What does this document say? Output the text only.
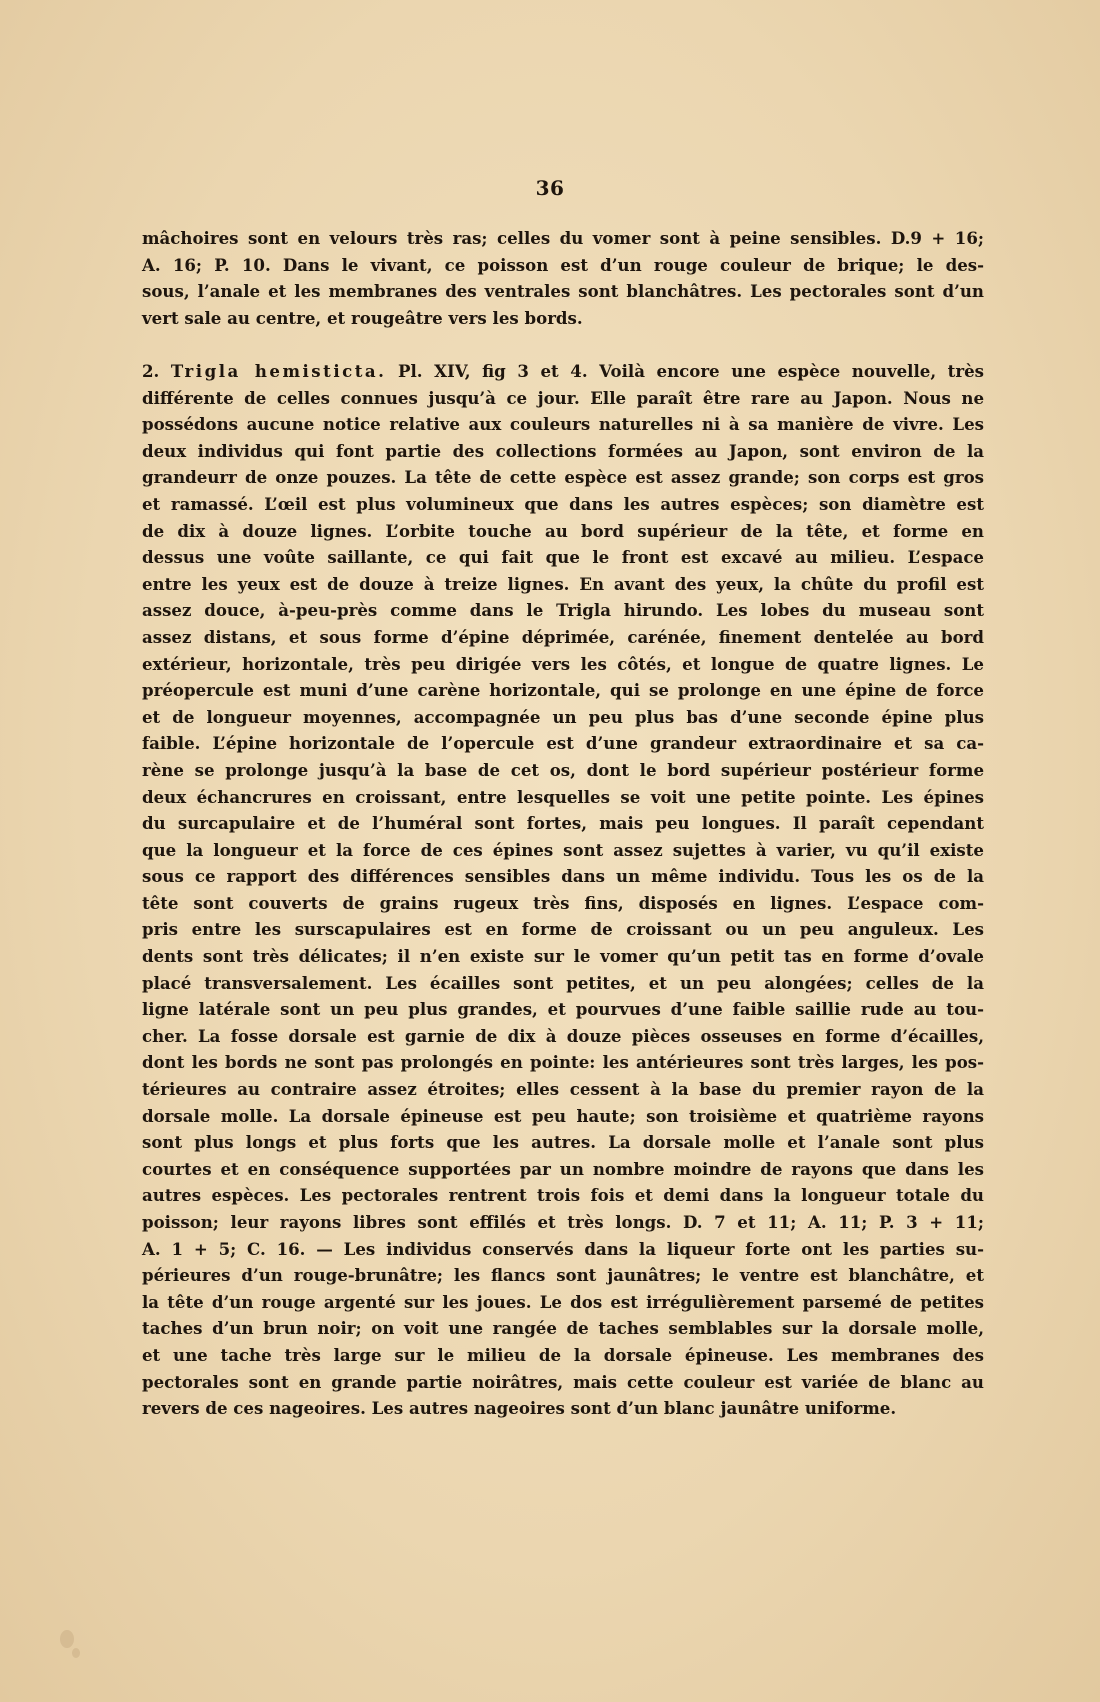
36
mâchoires sont en velours très ras; celles du vomer sont à peine sensibles. D.9 + 16;
A. 16; P. 10. Dans le vivant, ce poisson est d’un rouge couleur de brique; le des-
sous, l’anale et les membranes des ventrales sont blanchâtres. Les pectorales sont d’un
vert sale au centre, et rougeâtre vers les bords.
2. Trigla hemisticta. Pl. XIV, fig 3 et 4. Voilà encore une espèce nouvelle, très
différente de celles connues jusqu’à ce jour. Elle paraît être rare au Japon. Nous ne
possédons aucune notice relative aux couleurs naturelles ni à sa manière de vivre. Les
deux individus qui font partie des collections formées au Japon, sont environ de la
grandeurr de onze pouzes. La tête de cette espèce est assez grande; son corps est gros
et ramassé. L’œil est plus volumineux que dans les autres espèces; son diamètre est
de dix à douze lignes. L’orbite touche au bord supérieur de la tête, et forme en
dessus une voûte saillante, ce qui fait que le front est excavé au milieu. L’espace
entre les yeux est de douze à treize lignes. En avant des yeux, la chûte du profil est
assez douce, à-peu-près comme dans le Trigla hirundo. Les lobes du museau sont
assez distans, et sous forme d’épine déprimée, carénée, finement dentelée au bord
extérieur, horizontale, très peu dirigée vers les côtés, et longue de quatre lignes. Le
préopercule est muni d’une carène horizontale, qui se prolonge en une épine de force
et de longueur moyennes, accompagnée un peu plus bas d’une seconde épine plus
faible. L’épine horizontale de l’opercule est d’une grandeur extraordinaire et sa ca-
rène se prolonge jusqu’à la base de cet os, dont le bord supérieur postérieur forme
deux échancrures en croissant, entre lesquelles se voit une petite pointe. Les épines
du surcapulaire et de l’huméral sont fortes, mais peu longues. Il paraît cependant
que la longueur et la force de ces épines sont assez sujettes à varier, vu qu’il existe
sous ce rapport des différences sensibles dans un même individu. Tous les os de la
tête sont couverts de grains rugeux très fins, disposés en lignes. L’espace com-
pris entre les surscapulaires est en forme de croissant ou un peu anguleux. Les
dents sont très délicates; il n’en existe sur le vomer qu’un petit tas en forme d’ovale
placé transversalement. Les écailles sont petites, et un peu alongées; celles de la
ligne latérale sont un peu plus grandes, et pourvues d’une faible saillie rude au tou-
cher. La fosse dorsale est garnie de dix à douze pièces osseuses en forme d’écailles,
dont les bords ne sont pas prolongés en pointe: les antérieures sont très larges, les pos-
térieures au contraire assez étroites; elles cessent à la base du premier rayon de la
dorsale molle. La dorsale épineuse est peu haute; son troisième et quatrième rayons
sont plus longs et plus forts que les autres. La dorsale molle et l’anale sont plus
courtes et en conséquence supportées par un nombre moindre de rayons que dans les
autres espèces. Les pectorales rentrent trois fois et demi dans la longueur totale du
poisson; leur rayons libres sont effilés et très longs. D. 7 et 11; A. 11; P. 3 + 11;
A. 1 + 5; C. 16. — Les individus conservés dans la liqueur forte ont les parties su-
périeures d’un rouge-brunâtre; les flancs sont jaunâtres; le ventre est blanchâtre, et
la tête d’un rouge argenté sur les joues. Le dos est irrégulièrement parsemé de petites
taches d’un brun noir; on voit une rangée de taches semblables sur la dorsale molle,
et une tache très large sur le milieu de la dorsale épineuse. Les membranes des
pectorales sont en grande partie noirâtres, mais cette couleur est variée de blanc au
revers de ces nageoires. Les autres nageoires sont d’un blanc jaunâtre uniforme.
